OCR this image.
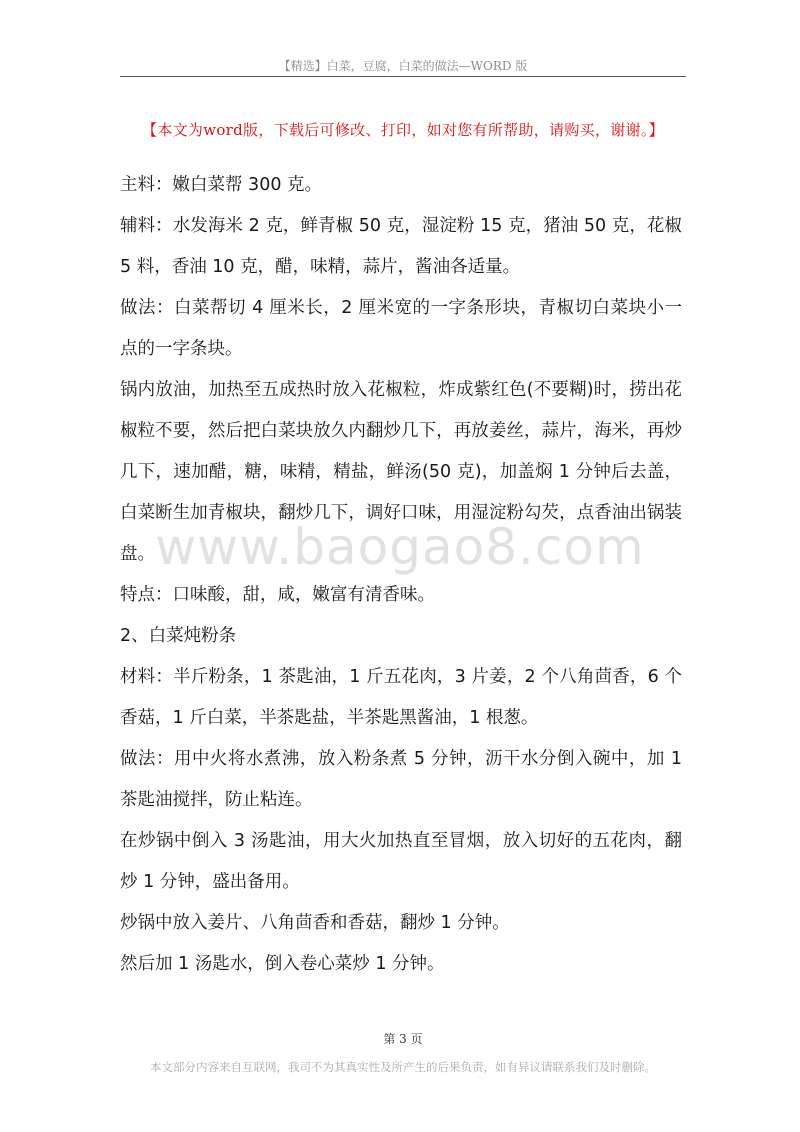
【精选】白菜，豆腐，白菜的做法—WORD 版
【本文为word版，下载后可修改、打印，如对您有所帮助，请购买，谢谢。】

主料：嫩白菜帮 300 克。

辅料：水发海米 2 克，鲜青椒 50 克，湿淀粉 15 克，猪油 50 克，花椒 5 料，香油 10 克，醋，味精，蒜片，酱油各适量。

做法：白菜帮切 4 厘米长，2 厘米宽的一字条形块，青椒切白菜块小一点的一字条块。

锅内放油，加热至五成热时放入花椒粒，炸成紫红色(不要糊)时，捞出花椒粒不要，然后把白菜块放久内翻炒几下，再放姜丝，蒜片，海米，再炒几下，速加醋，糖，味精，精盐，鲜汤(50 克)，加盖焖 1 分钟后去盖，白菜断生加青椒块，翻炒几下，调好口味，用湿淀粉勾芡，点香油出锅装盘。

特点：口味酸，甜，咸，嫩富有清香味。

2、白菜炖粉条

材料：半斤粉条，1 茶匙油，1 斤五花肉，3 片姜，2 个八角茴香，6 个香菇，1 斤白菜，半茶匙盐，半茶匙黑酱油，1 根葱。

做法：用中火将水煮沸，放入粉条煮 5 分钟，沥干水分倒入碗中，加 1 茶匙油搅拌，防止粘连。

在炒锅中倒入 3 汤匙油，用大火加热直至冒烟，放入切好的五花肉，翻炒 1 分钟，盛出备用。

炒锅中放入姜片、八角茴香和香菇，翻炒 1 分钟。

然后加 1 汤匙水，倒入卷心菜炒 1 分钟。

www.baogao8.com
第 3 页
本文部分内容来自互联网，我司不为其真实性及所产生的后果负责，如有异议请联系我们及时删除。
